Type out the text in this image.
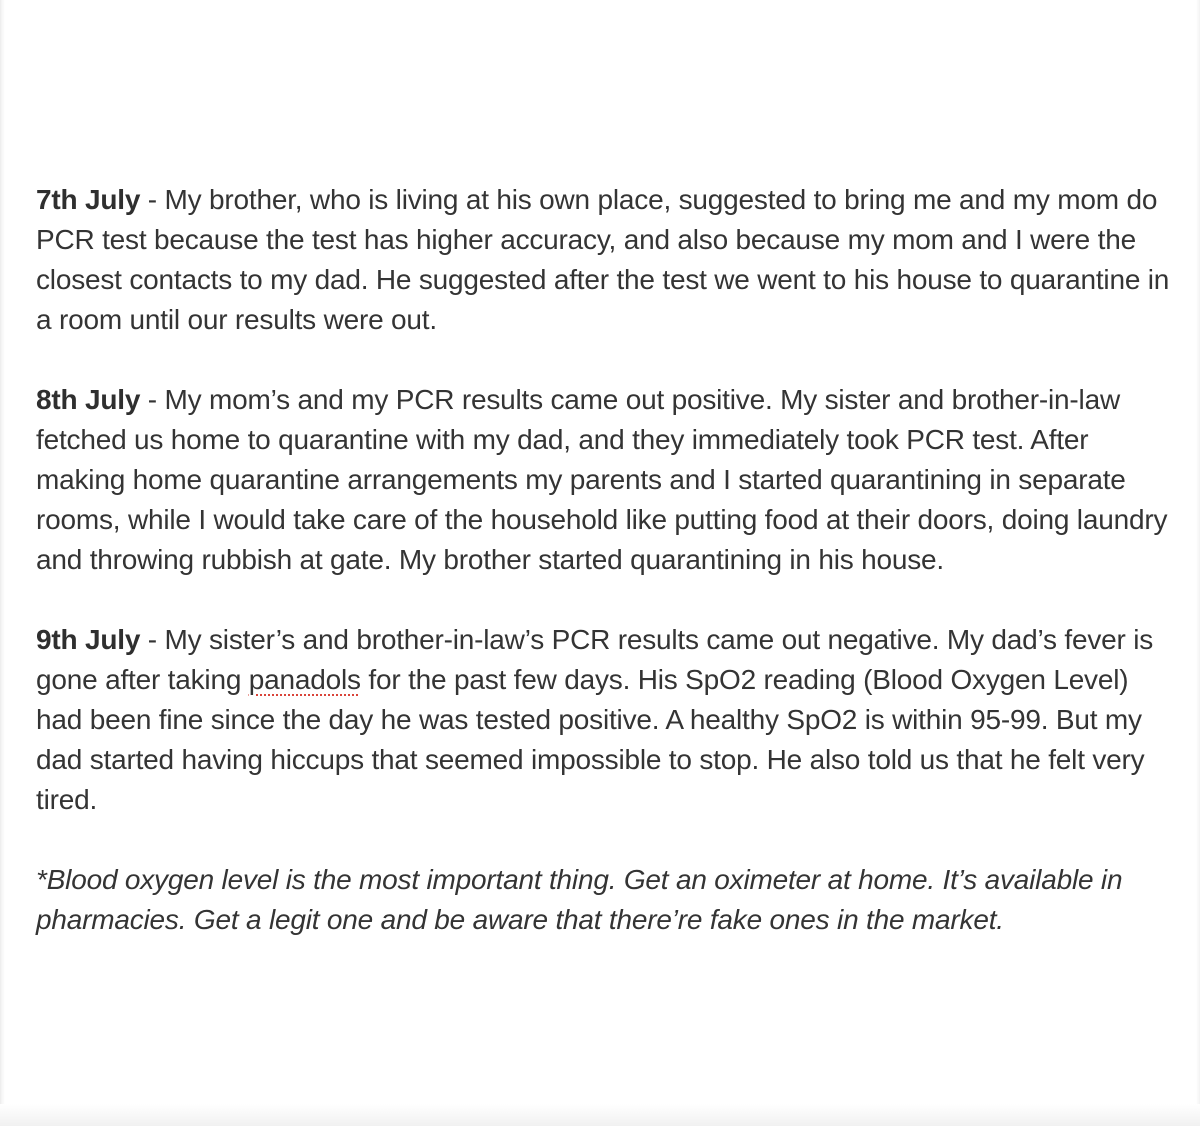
7th July - My brother, who is living at his own place, suggested to bring me and my mom do PCR test because the test has higher accuracy, and also because my mom and I were the closest contacts to my dad. He suggested after the test we went to his house to quarantine in a room until our results were out.

8th July - My mom’s and my PCR results came out positive. My sister and brother-in-law fetched us home to quarantine with my dad, and they immediately took PCR test. After making home quarantine arrangements my parents and I started quarantining in separate rooms, while I would take care of the household like putting food at their doors, doing laundry and throwing rubbish at gate. My brother started quarantining in his house.

9th July - My sister’s and brother-in-law’s PCR results came out negative. My dad’s fever is gone after taking panadols for the past few days. His SpO2 reading (Blood Oxygen Level) had been fine since the day he was tested positive. A healthy SpO2 is within 95-99. But my dad started having hiccups that seemed impossible to stop. He also told us that he felt very tired.

*Blood oxygen level is the most important thing. Get an oximeter at home. It’s available in pharmacies. Get a legit one and be aware that there’re fake ones in the market.
